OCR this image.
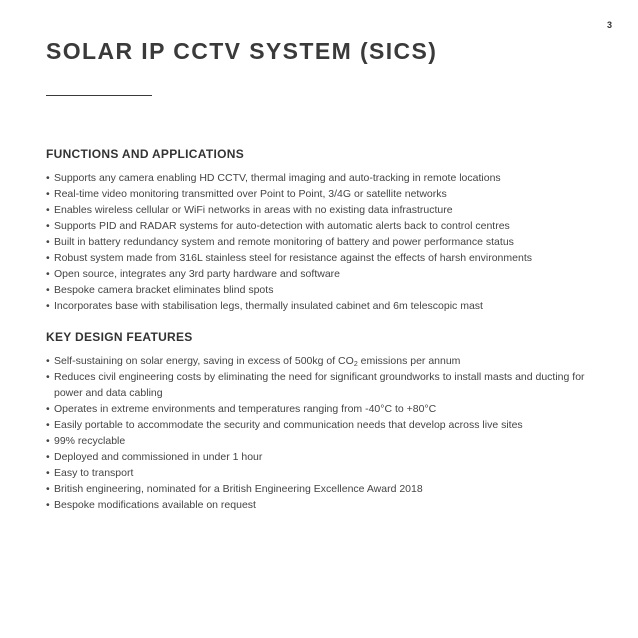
3
SOLAR IP CCTV SYSTEM (SICS)
FUNCTIONS AND APPLICATIONS
• Supports any camera enabling HD CCTV, thermal imaging and auto-tracking in remote locations
• Real-time video monitoring transmitted over Point to Point, 3/4G or satellite networks
• Enables wireless cellular or WiFi networks in areas with no existing data infrastructure
• Supports PID and RADAR systems for auto-detection with automatic alerts back to control centres
• Built in battery redundancy system and remote monitoring of battery and power performance status
• Robust system made from 316L stainless steel for resistance against the effects of harsh environments
• Open source, integrates any 3rd party hardware and software
• Bespoke camera bracket eliminates blind spots
• Incorporates base with stabilisation legs, thermally insulated cabinet and 6m telescopic mast
KEY DESIGN FEATURES
• Self-sustaining on solar energy, saving in excess of 500kg of $CO_2$ emissions per annum
• Reduces civil engineering costs by eliminating the need for significant groundworks to install masts and ducting for power and data cabling
• Operates in extreme environments and temperatures ranging from -40°C to +80°C
• Easily portable to accommodate the security and communication needs that develop across live sites
• 99% recyclable
• Deployed and commissioned in under 1 hour
• Easy to transport
• British engineering, nominated for a British Engineering Excellence Award 2018
• Bespoke modifications available on request
